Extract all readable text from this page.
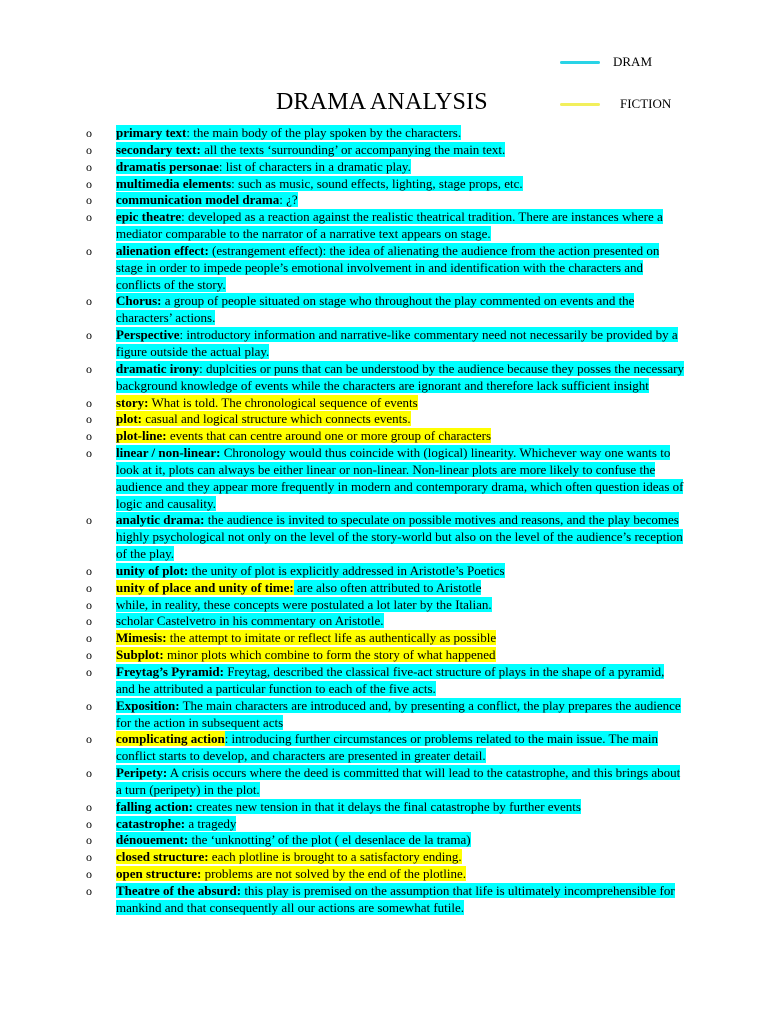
DRAM
FICTION
DRAMA ANALYSIS
o primary text: the main body of the play spoken by the characters.
o secondary text: all the texts ‘surrounding’ or accompanying the main text.
o dramatis personae: list of characters in a dramatic play.
o multimedia elements: such as music, sound effects, lighting, stage props, etc.
o communication model drama: ¿?
o epic theatre: developed as a reaction against the realistic theatrical tradition. There are instances where a mediator comparable to the narrator of a narrative text appears on stage.
o alienation effect: (estrangement effect): the idea of alienating the audience from the action presented on stage in order to impede people’s emotional involvement in and identification with the characters and conflicts of the story.
o Chorus: a group of people situated on stage who throughout the play commented on events and the characters’ actions.
o Perspective: introductory information and narrative-like commentary need not necessarily be provided by a figure outside the actual play.
o dramatic irony: duplcities or puns that can be understood by the audience because they posses the necessary background knowledge of events while the characters are ignorant and therefore lack sufficient insight
o story: What is told. The chronological sequence of events
o plot: casual and logical structure which connects events.
o plot-line: events that can centre around one or more group of characters
o linear / non-linear: Chronology would thus coincide with (logical) linearity. Whichever way one wants to look at it, plots can always be either linear or non-linear. Non-linear plots are more likely to confuse the audience and they appear more frequently in modern and contemporary drama, which often question ideas of logic and causality.
o analytic drama: the audience is invited to speculate on possible motives and reasons, and the play becomes highly psychological not only on the level of the story-world but also on the level of the audience’s reception of the play.
o unity of plot: the unity of plot is explicitly addressed in Aristotle’s Poetics
o unity of place and unity of time: are also often attributed to Aristotle
o while, in reality, these concepts were postulated a lot later by the Italian.
o scholar Castelvetro in his commentary on Aristotle.
o Mimesis: the attempt to imitate or reflect life as authentically as possible
o Subplot: minor plots which combine to form the story of what happened
o Freytag’s Pyramid: Freytag, described the classical five-act structure of plays in the shape of a pyramid, and he attributed a particular function to each of the five acts.
o Exposition: The main characters are introduced and, by presenting a conflict, the play prepares the audience for the action in subsequent acts
o complicating action: introducing further circumstances or problems related to the main issue. The main conflict starts to develop, and characters are presented in greater detail.
o Peripety: A crisis occurs where the deed is committed that will lead to the catastrophe, and this brings about a turn (peripety) in the plot.
o falling action: creates new tension in that it delays the final catastrophe by further events
o catastrophe: a tragedy
o dénouement: the ‘unknotting’ of the plot ( el desenlace de la trama)
o closed structure: each plotline is brought to a satisfactory ending.
o open structure: problems are not solved by the end of the plotline.
o Theatre of the absurd: this play is premised on the assumption that life is ultimately incomprehensible for mankind and that consequently all our actions are somewhat futile.
